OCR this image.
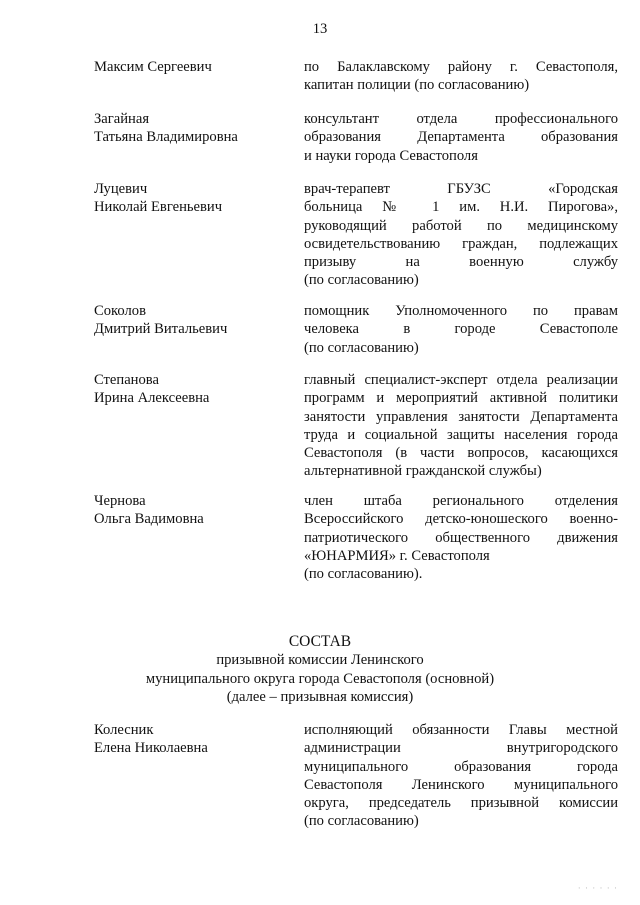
13
Максим Сергеевич	по Балаклавскому району г. Севастополя,
капитан полиции (по согласованию)
Загайная
Татьяна Владимировна
консультант отдела профессионального
образования Департамента образования
и науки города Севастополя
Луцевич
Николай Евгеньевич
врач-терапевт ГБУЗС «Городская
больница № 1 им. Н.И. Пирогова»,
руководящий работой по медицинскому
освидетельствованию граждан, подлежащих
призыву на военную службу
(по согласованию)
Соколов
Дмитрий Витальевич
помощник Уполномоченного по правам
человека в городе Севастополе
(по согласованию)
Степанова
Ирина Алексеевна
главный специалист-эксперт отдела реализации
программ и мероприятий активной политики
занятости управления занятости Департамента
труда и социальной защиты населения города
Севастополя (в части вопросов, касающихся
альтернативной гражданской службы)
Чернова
Ольга Вадимовна
член штаба регионального отделения
Всероссийского детско-юношеского военно-
патриотического общественного движения
«ЮНАРМИЯ» г. Севастополя
(по согласованию).
СОСТАВ
призывной комиссии Ленинского
муниципального округа города Севастополя (основной)
(далее – призывная комиссия)
Колесник
Елена Николаевна
исполняющий обязанности Главы местной
администрации внутригородского
муниципального образования города
Севастополя Ленинского муниципального
округа, председатель призывной комиссии
(по согласованию)
· · · · · ·
